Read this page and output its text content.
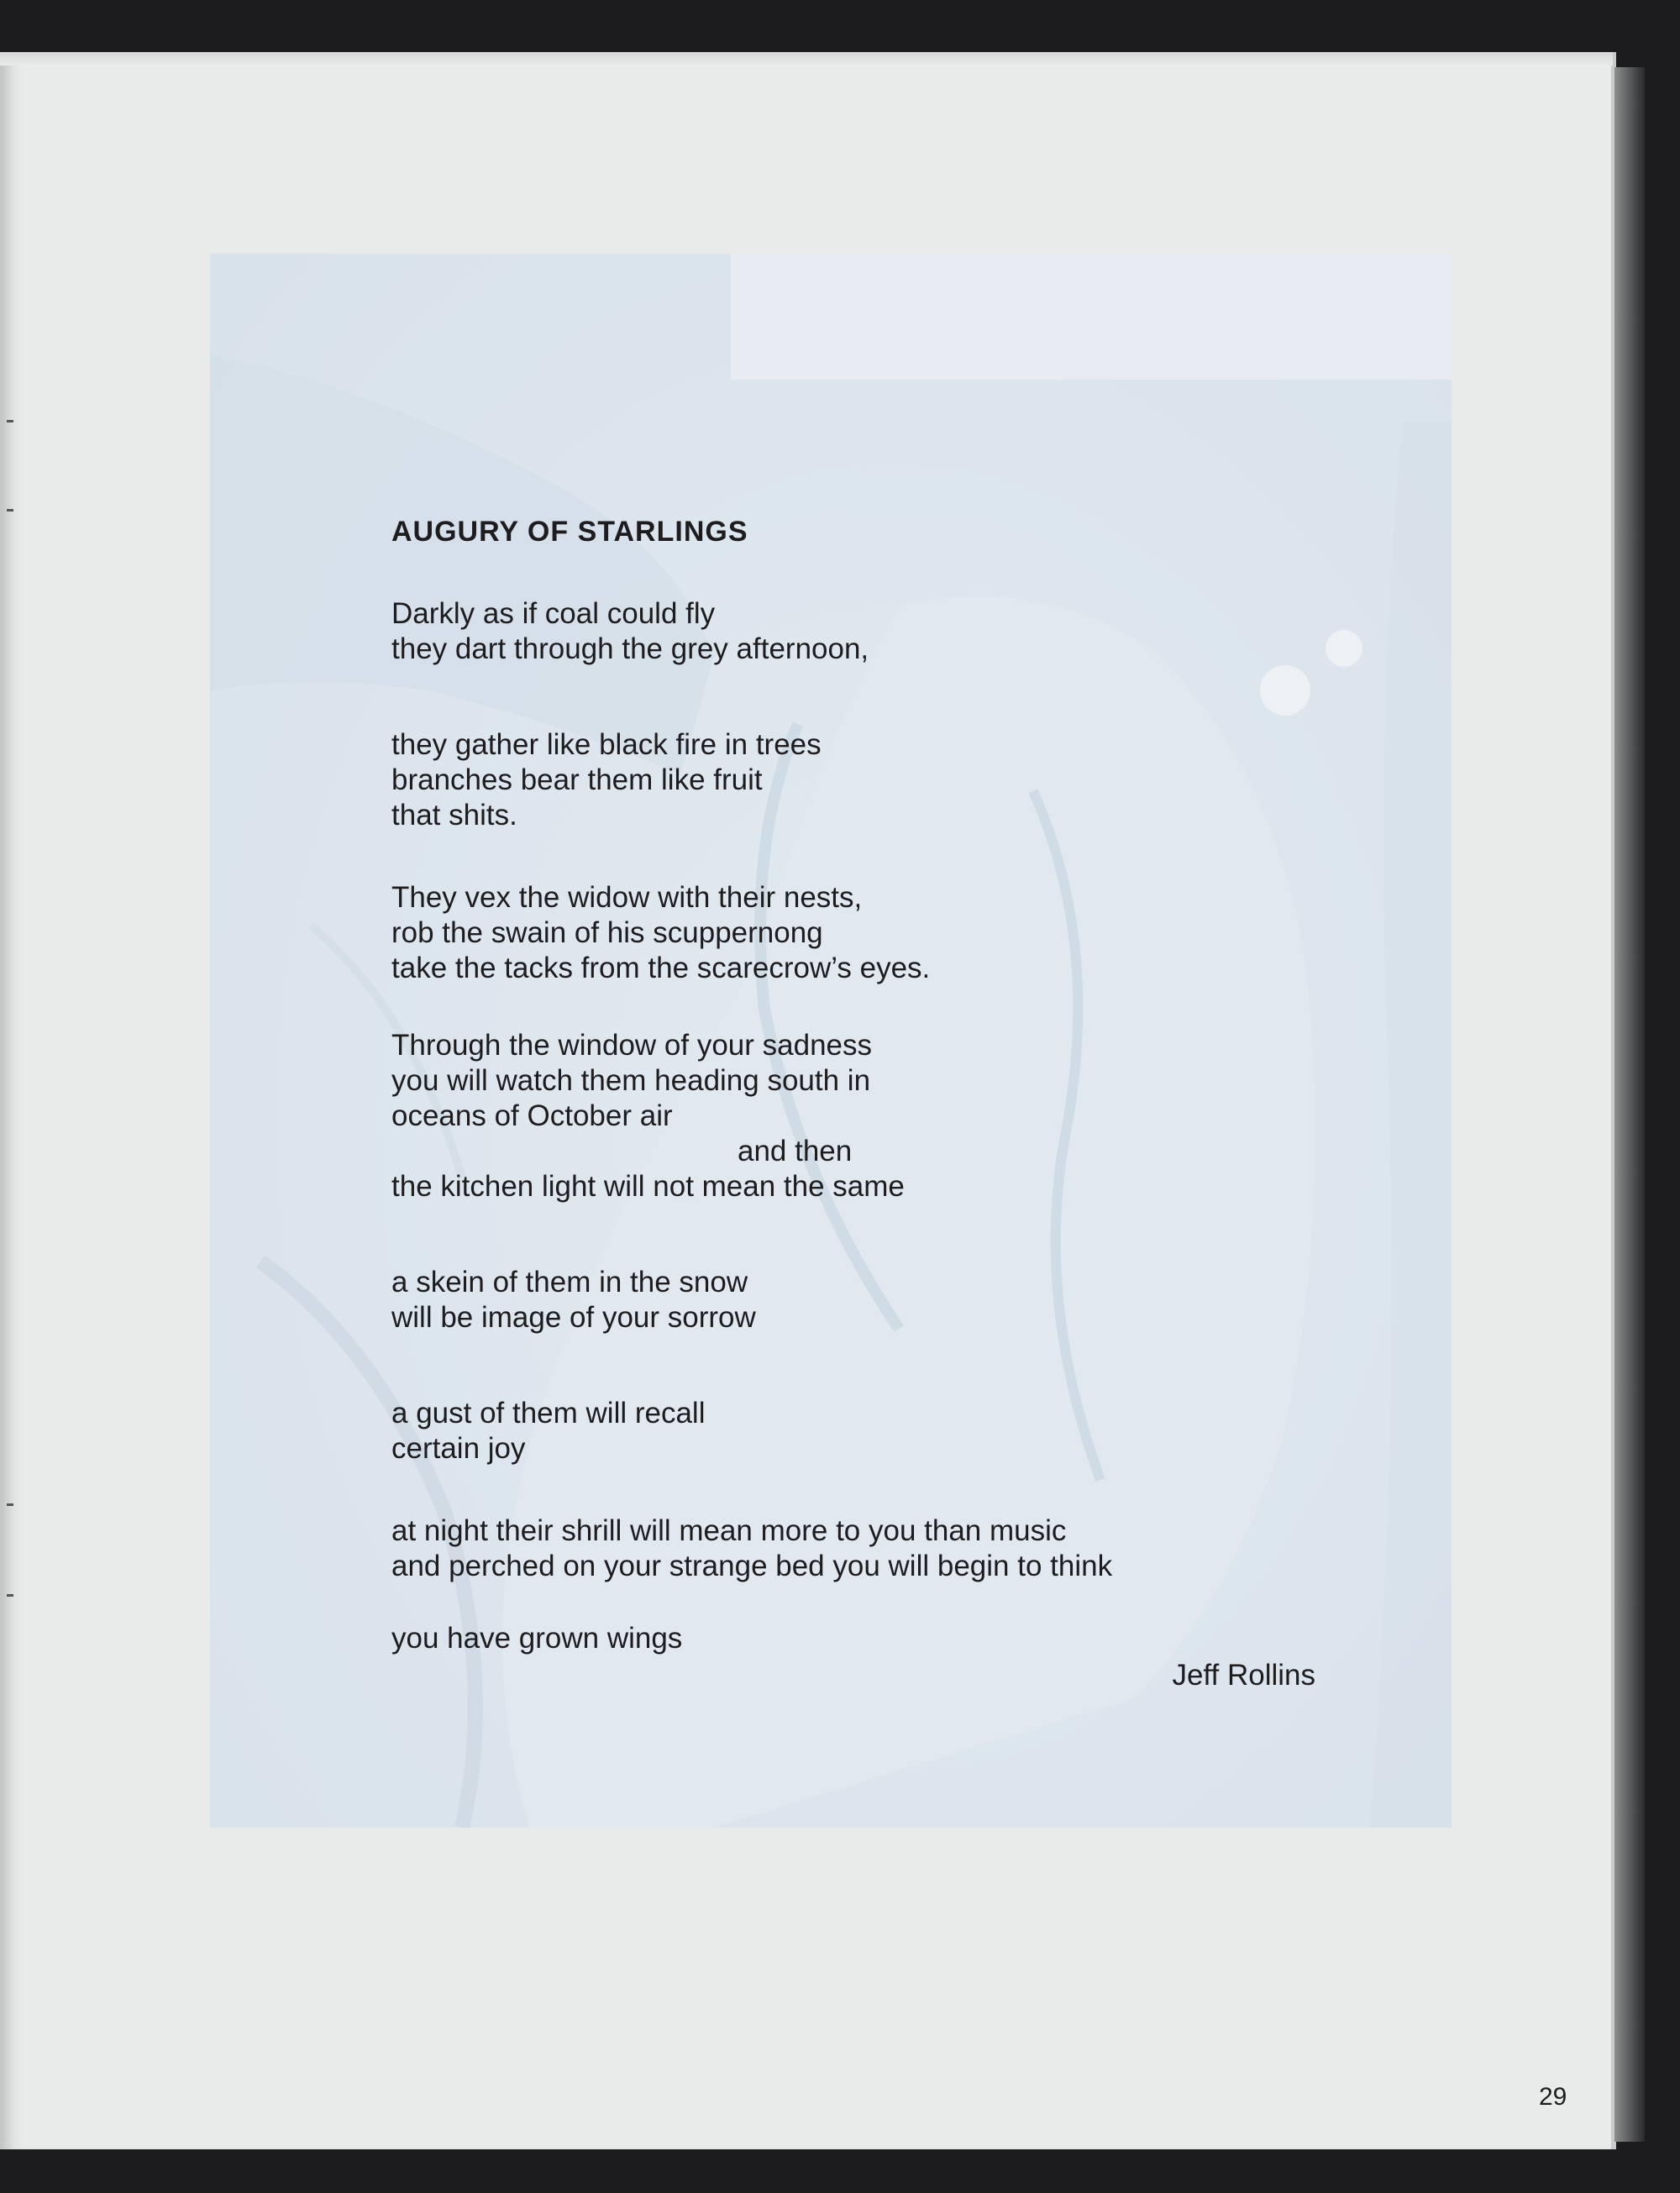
AUGURY OF STARLINGS
Darkly as if coal could fly
they dart through the grey afternoon,
they gather like black fire in trees
branches bear them like fruit
that shits.
They vex the widow with their nests,
rob the swain of his scuppernong
take the tacks from the scarecrow’s eyes.
Through the window of your sadness
you will watch them heading south in
oceans of October air
and then
the kitchen light will not mean the same
a skein of them in the snow
will be image of your sorrow
a gust of them will recall
certain joy
at night their shrill will mean more to you than music
and perched on your strange bed you will begin to think
you have grown wings
Jeff Rollins
29
